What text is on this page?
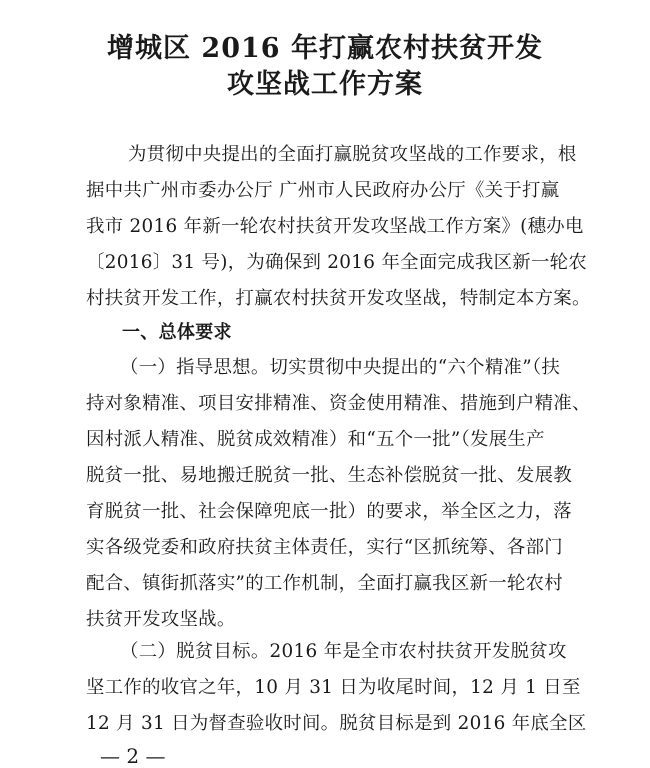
增城区 2016 年打赢农村扶贫开发
攻坚战工作方案

为贯彻中央提出的全面打赢脱贫攻坚战的工作要求，根

据中共广州市委办公厅 广州市人民政府办公厅《关于打赢

我市 2016 年新一轮农村扶贫开发攻坚战工作方案》(穗办电

〔2016〕31 号)，为确保到 2016 年全面完成我区新一轮农

村扶贫开发工作，打赢农村扶贫开发攻坚战，特制定本方案。

一、总体要求

（一）指导思想。切实贯彻中央提出的“六个精准”（扶

持对象精准、项目安排精准、资金使用精准、措施到户精准、

因村派人精准、脱贫成效精准）和“五个一批”（发展生产

脱贫一批、易地搬迁脱贫一批、生态补偿脱贫一批、发展教

育脱贫一批、社会保障兜底一批）的要求，举全区之力，落

实各级党委和政府扶贫主体责任，实行“区抓统筹、各部门

配合、镇街抓落实”的工作机制，全面打赢我区新一轮农村

扶贫开发攻坚战。

（二）脱贫目标。2016 年是全市农村扶贫开发脱贫攻

坚工作的收官之年，10 月 31 日为收尾时间，12 月 1 日至

12 月 31 日为督查验收时间。脱贫目标是到 2016 年底全区

— 2 —
